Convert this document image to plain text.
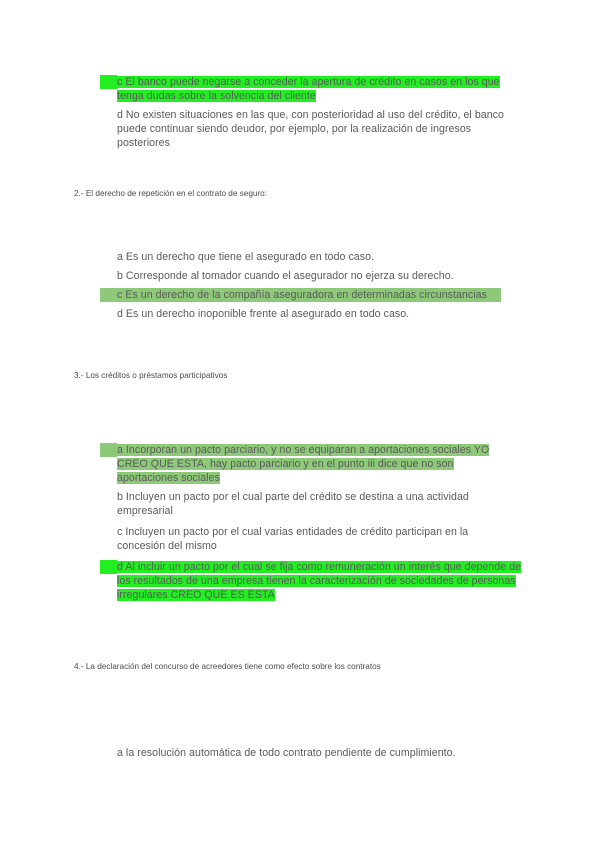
c El banco puede negarse a conceder la apertura de crédito en casos en los que tenga dudas sobre la solvencia del cliente
d No existen situaciones en las que, con posterioridad al uso del crédito, el banco puede continuar siendo deudor, por ejemplo, por la realización de ingresos posteriores
2.- El derecho de repetición en el contrato de seguro:
a Es un derecho que tiene el asegurado en todo caso.
b Corresponde al tomador cuando el asegurador no ejerza su derecho.
c Es un derecho de la compañía aseguradora en determinadas circunstancias
d Es un derecho inoponible frente al asegurado en todo caso.
3.- Los créditos o préstamos participativos
a Incorporan un pacto parciario, y no se equiparan a aportaciones sociales YO CREO QUE ESTA, hay pacto parciario y en el punto iii dice que no son aportaciones sociales
b Incluyen un pacto por el cual parte del crédito se destina a una actividad empresarial
c Incluyen un pacto por el cual varias entidades de crédito participan en la concesión del mismo
d Al incluir un pacto por el cual se fija como remuneración un interés que depende de los resultados de una empresa tienen la caracterización de sociedades de personas irregulares CREO QUE ES ESTA
4.- La declaración del concurso de acreedores tiene como efecto sobre los contratos
a la resolución automática de todo contrato pendiente de cumplimiento.
